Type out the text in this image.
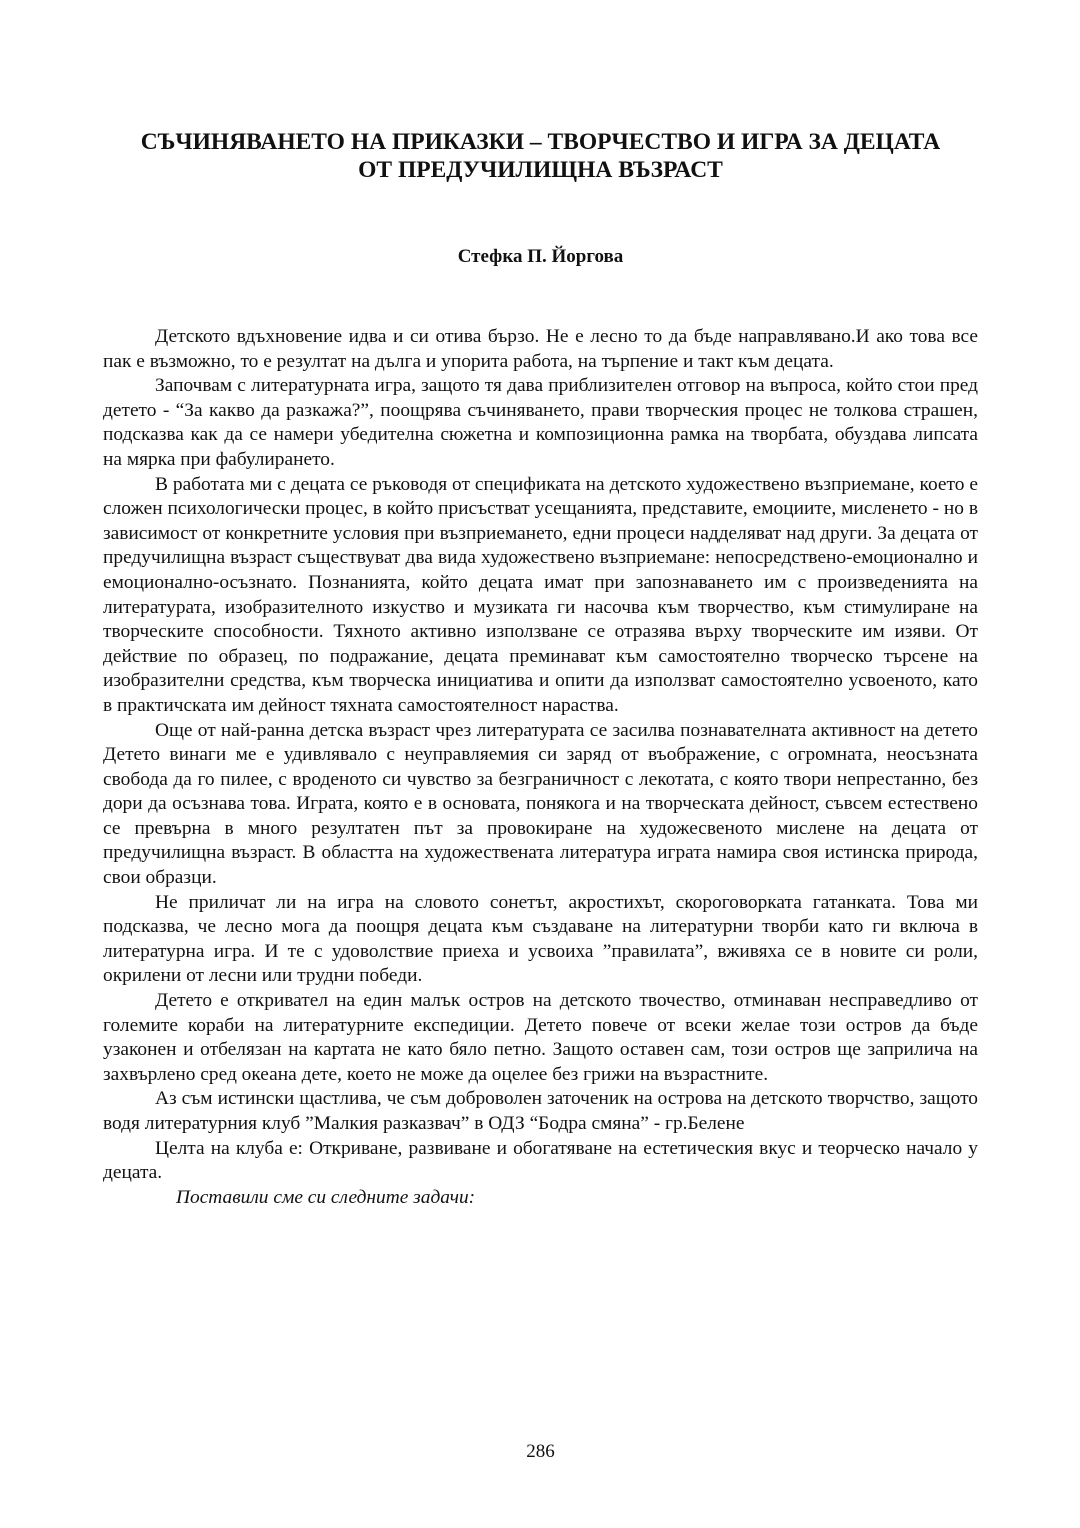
СЪЧИНЯВАНЕТО НА ПРИКАЗКИ – ТВОРЧЕСТВО И ИГРА ЗА ДЕЦАТА
ОТ ПРЕДУЧИЛИЩНА ВЪЗРАСТ

Стефка П. Йоргова

Детското вдъхновение идва и си отива бързо. Не е лесно то да бъде направлявано.И ако това все пак е възможно, то е резултат на дълга и упорита работа, на търпение и такт към децата.

Започвам с литературната игра, защото тя дава приблизителен отговор на въпроса, който стои пред детето - “За какво да разкажа?”, поощрява съчиняването, прави творческия процес не толкова страшен, подсказва как да се намери убедителна сюжетна и композиционна рамка на творбата, обуздава липсата на мярка при фабулирането.

В работата ми с децата се ръководя от спецификата на детското художествено възприемане, което е сложен психологически процес, в който присъстват усещанията, представите, емоциите, мисленето - но в зависимост от конкретните условия при възприемането, едни процеси надделяват над други. За децата от предучилищна възраст съществуват два вида художествено възприемане: непосредствено-емоционално и емоционално-осъзнато. Познанията, който децата имат при запознаването им с произведенията на литературата, изобразителното изкуство и музиката ги насочва към творчество, към стимулиране на творческите способности. Тяхното активно използване се отразява върху творческите им изяви. От действие по образец, по подражание, децата преминават към самостоятелно творческо търсене на изобразителни средства, към творческа инициатива и опити да използват самостоятелно усвоеното, като в практичската им дейност тяхната самостоятелност нараства.

Още от най-ранна детска възраст чрез литературата се засилва познавателната активност на детето Детето винаги ме е удивлявало с неуправляемия си заряд от въображение, с огромната, неосъзната свобода да го пилее, с вроденото си чувство за безграничност с лекотата, с която твори непрестанно, без дори да осъзнава това. Играта, която е в основата, понякога и на творческата дейност, съвсем естествено се превърна в много резултатен път за провокиране на художесвеното мислене на децата от предучилищна възраст. В областта на художествената литература играта намира своя истинска природа, свои образци.

Не приличат ли на игра на словото сонетът, акростихът, скороговорката гатанката. Това ми подсказва, че лесно мога да поощря децата към създаване на литературни творби като ги включа в литературна игра. И те с удоволствие приеха и усвоиха ”правилата”, вживяха се в новите си роли, окрилени от лесни или трудни победи.

Детето е откривател на един малък остров на детското твочество, отминаван несправедливо от големите кораби на литературните експедиции. Детето повече от всеки желае този остров да бъде узаконен и отбелязан на картата не като бяло петно. Защото оставен сам, този остров ще заприлича на захвърлено сред океана дете, което не може да оцелее без грижи на възрастните.

Аз съм истински щастлива, че съм доброволен заточеник на острова на детското творчство, защото водя литературния клуб ”Малкия разказвач” в ОДЗ “Бодра смяна” - гр.Белене

Целта на клуба е: Откриване, развиване и обогатяване на естетическия вкус и теорческо начало у децата.

Поставили сме си следните задачи:

286
